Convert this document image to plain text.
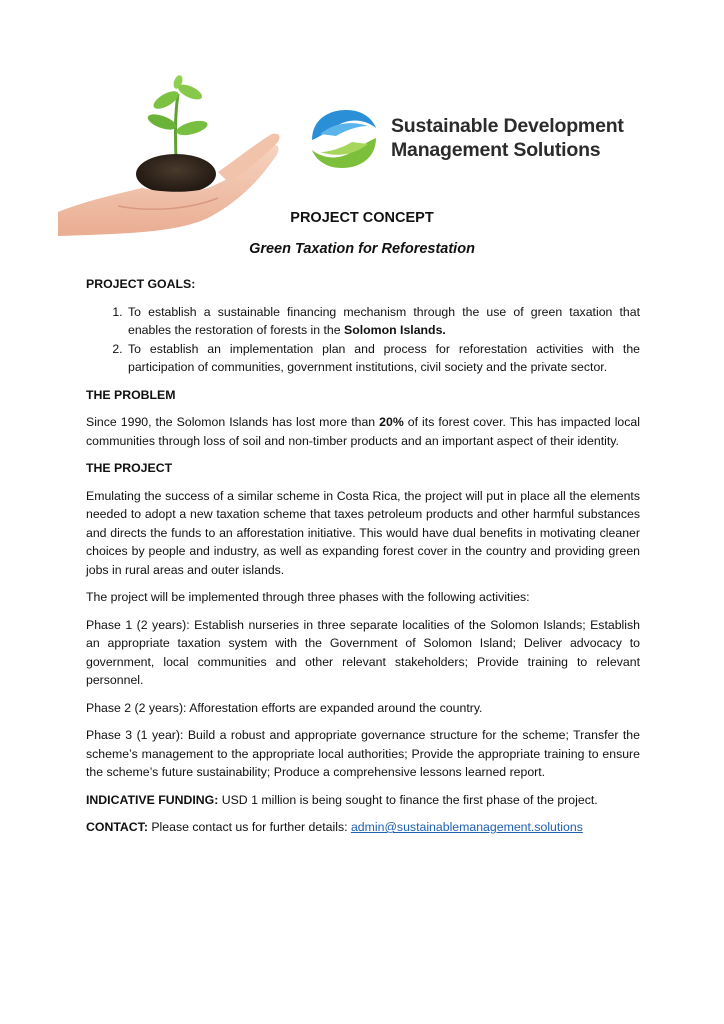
Sustainable Development
Management Solutions
PROJECT CONCEPT
Green Taxation for Reforestation
PROJECT GOALS:
1. To establish a sustainable financing mechanism through the use of green taxation that enables the restoration of forests in the Solomon Islands.
2. To establish an implementation plan and process for reforestation activities with the participation of communities, government institutions, civil society and the private sector.
THE PROBLEM

Since 1990, the Solomon Islands has lost more than 20% of its forest cover. This has impacted local communities through loss of soil and non-timber products and an important aspect of their identity.

THE PROJECT

Emulating the success of a similar scheme in Costa Rica, the project will put in place all the elements needed to adopt a new taxation scheme that taxes petroleum products and other harmful substances and directs the funds to an afforestation initiative. This would have dual benefits in motivating cleaner choices by people and industry, as well as expanding forest cover in the country and providing green jobs in rural areas and outer islands.

The project will be implemented through three phases with the following activities:

Phase 1 (2 years): Establish nurseries in three separate localities of the Solomon Islands; Establish an appropriate taxation system with the Government of Solomon Island; Deliver advocacy to government, local communities and other relevant stakeholders; Provide training to relevant personnel.

Phase 2 (2 years): Afforestation efforts are expanded around the country.

Phase 3 (1 year): Build a robust and appropriate governance structure for the scheme; Transfer the scheme’s management to the appropriate local authorities; Provide the appropriate training to ensure the scheme’s future sustainability; Produce a comprehensive lessons learned report.

INDICATIVE FUNDING: USD 1 million is being sought to finance the first phase of the project.

CONTACT: Please contact us for further details: admin@sustainablemanagement.solutions
